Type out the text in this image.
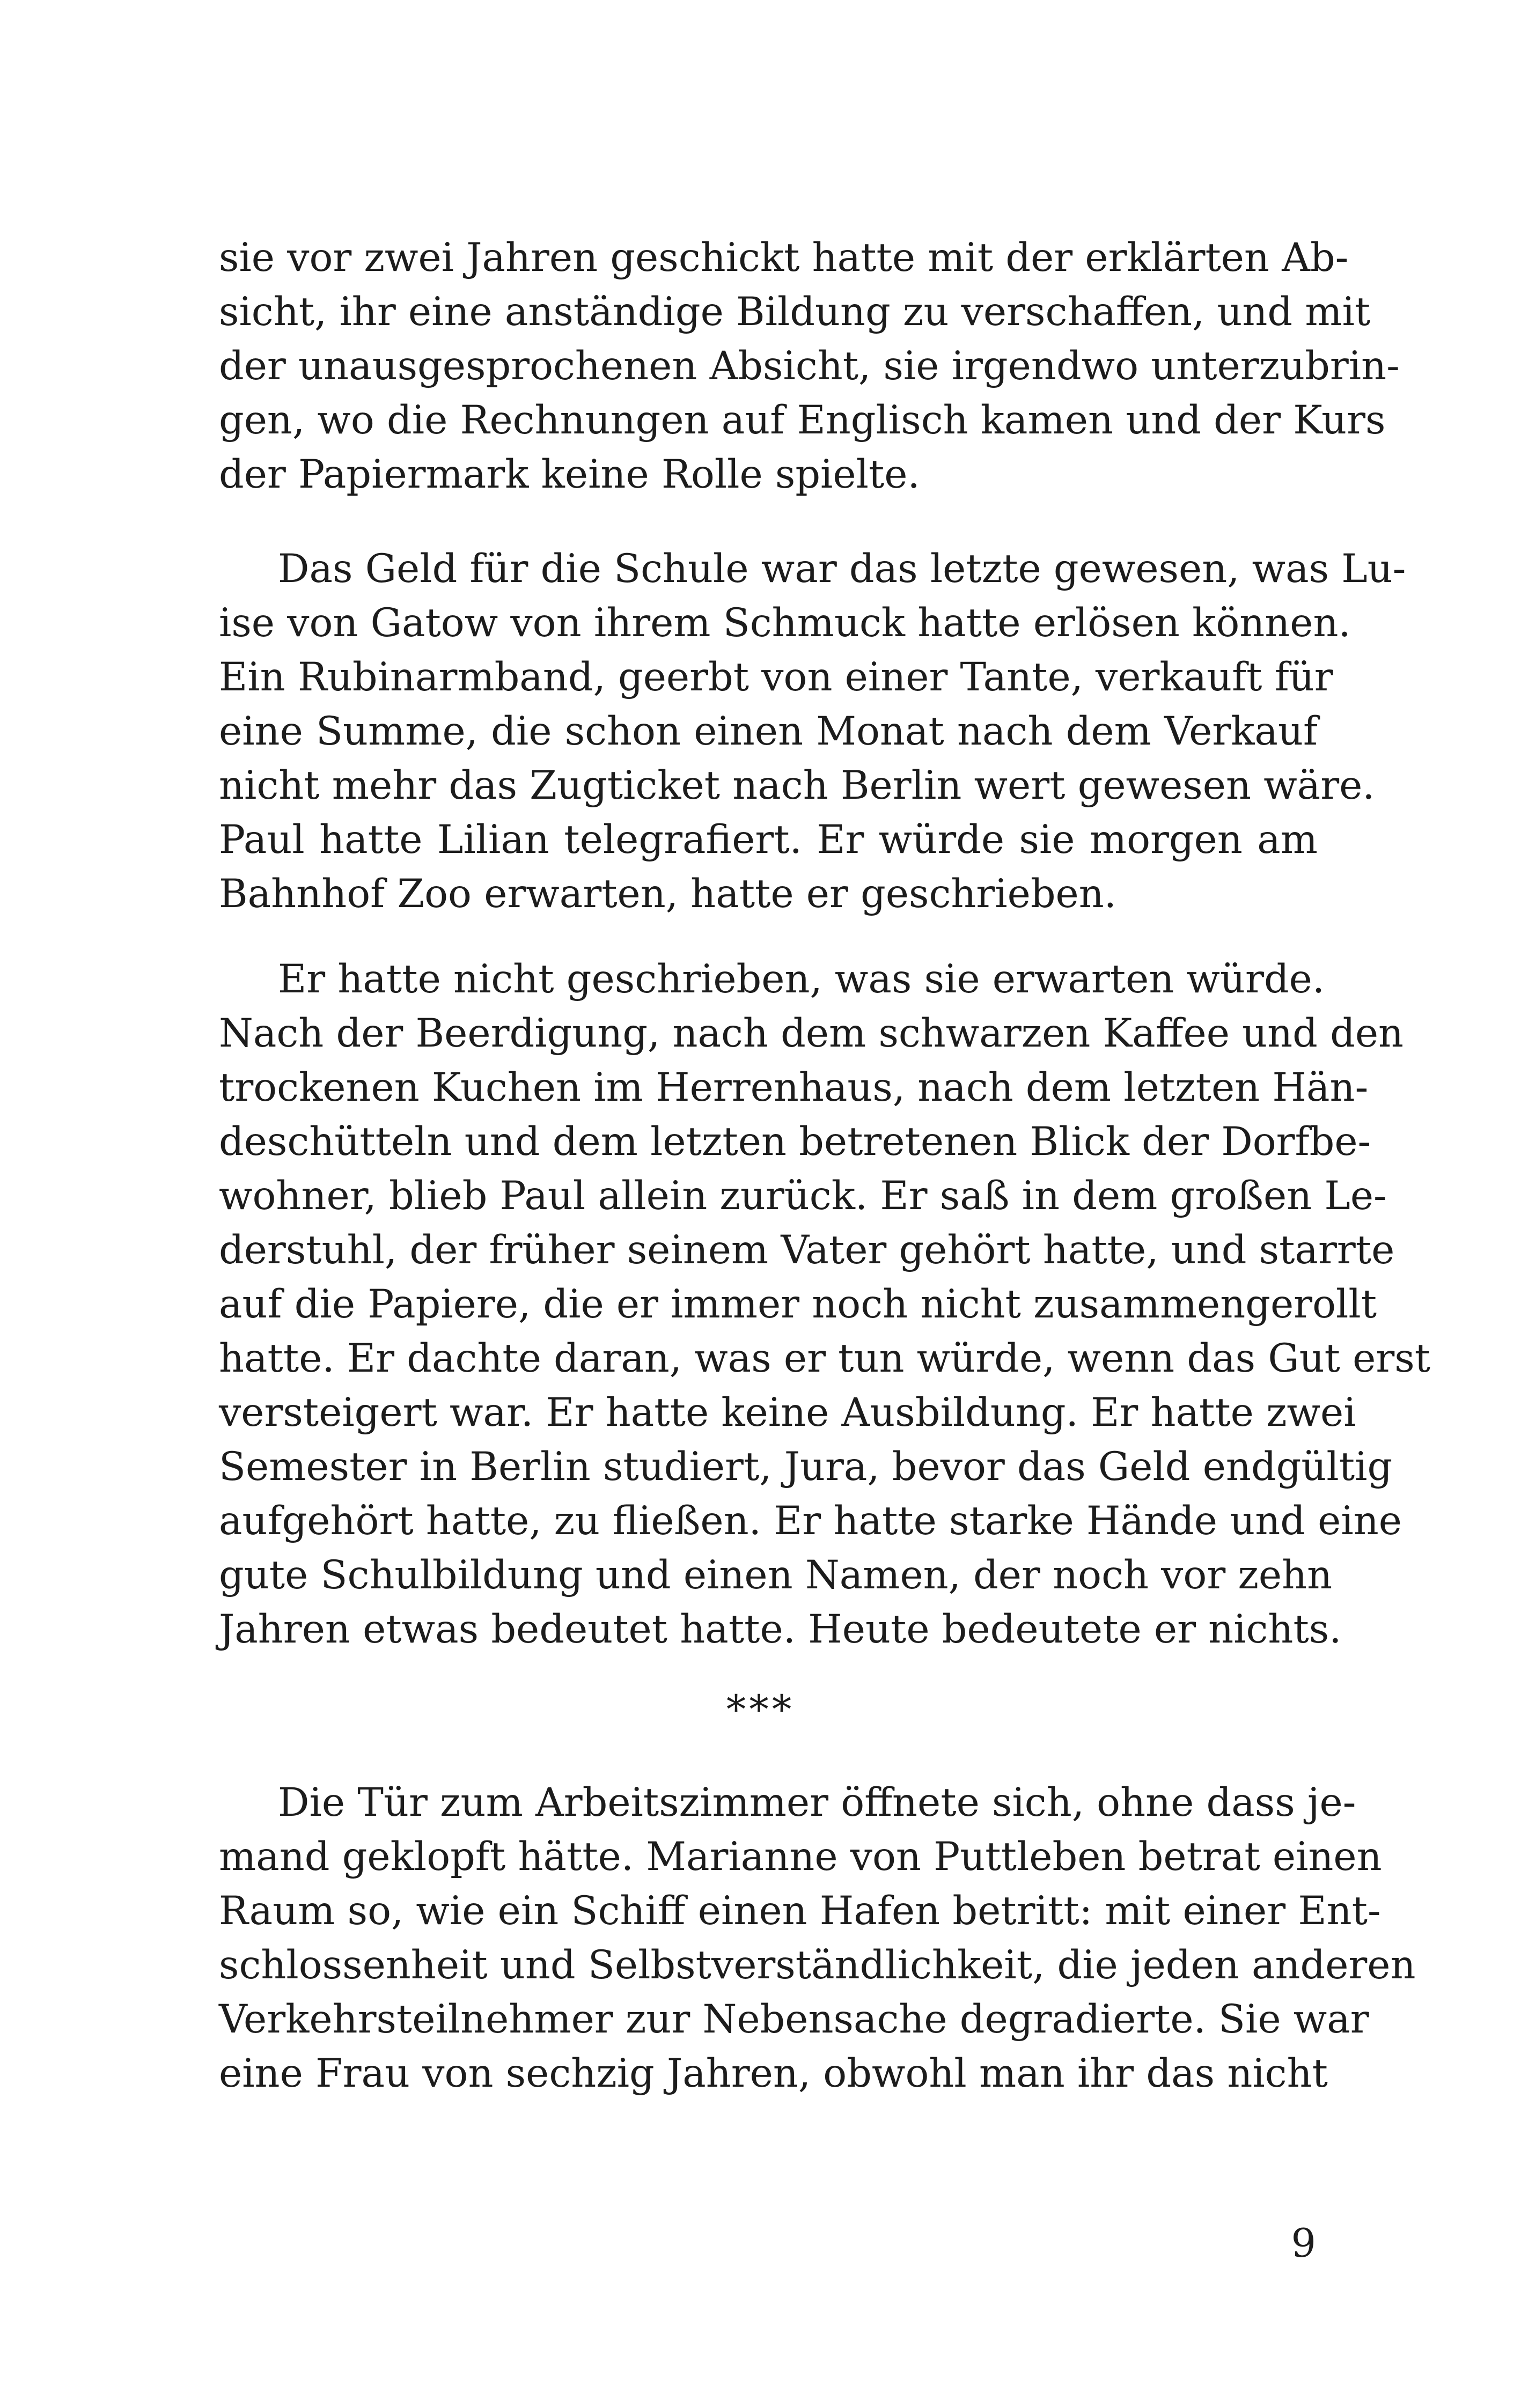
sie vor zwei Jahren geschickt hatte mit der erklärten Ab-
sicht, ihr eine anständige Bildung zu verschaffen, und mit
der unausgesprochenen Absicht, sie irgendwo unterzubrin-
gen, wo die Rechnungen auf Englisch kamen und der Kurs
der Papiermark keine Rolle spielte.
Das Geld für die Schule war das letzte gewesen, was Lu-
ise von Gatow von ihrem Schmuck hatte erlösen können.
Ein Rubinarmband, geerbt von einer Tante, verkauft für
eine Summe, die schon einen Monat nach dem Verkauf
nicht mehr das Zugticket nach Berlin wert gewesen wäre.
Paul hatte Lilian telegrafiert. Er würde sie morgen am
Bahnhof Zoo erwarten, hatte er geschrieben.
Er hatte nicht geschrieben, was sie erwarten würde.
Nach der Beerdigung, nach dem schwarzen Kaffee und den
trockenen Kuchen im Herrenhaus, nach dem letzten Hän-
deschütteln und dem letzten betretenen Blick der Dorfbe-
wohner, blieb Paul allein zurück. Er saß in dem großen Le-
derstuhl, der früher seinem Vater gehört hatte, und starrte
auf die Papiere, die er immer noch nicht zusammengerollt
hatte. Er dachte daran, was er tun würde, wenn das Gut erst
versteigert war. Er hatte keine Ausbildung. Er hatte zwei
Semester in Berlin studiert, Jura, bevor das Geld endgültig
aufgehört hatte, zu fließen. Er hatte starke Hände und eine
gute Schulbildung und einen Namen, der noch vor zehn
Jahren etwas bedeutet hatte. Heute bedeutete er nichts.
***
Die Tür zum Arbeitszimmer öffnete sich, ohne dass je-
mand geklopft hätte. Marianne von Puttleben betrat einen
Raum so, wie ein Schiff einen Hafen betritt: mit einer Ent-
schlossenheit und Selbstverständlichkeit, die jeden anderen
Verkehrsteilnehmer zur Nebensache degradierte. Sie war
eine Frau von sechzig Jahren, obwohl man ihr das nicht
9
